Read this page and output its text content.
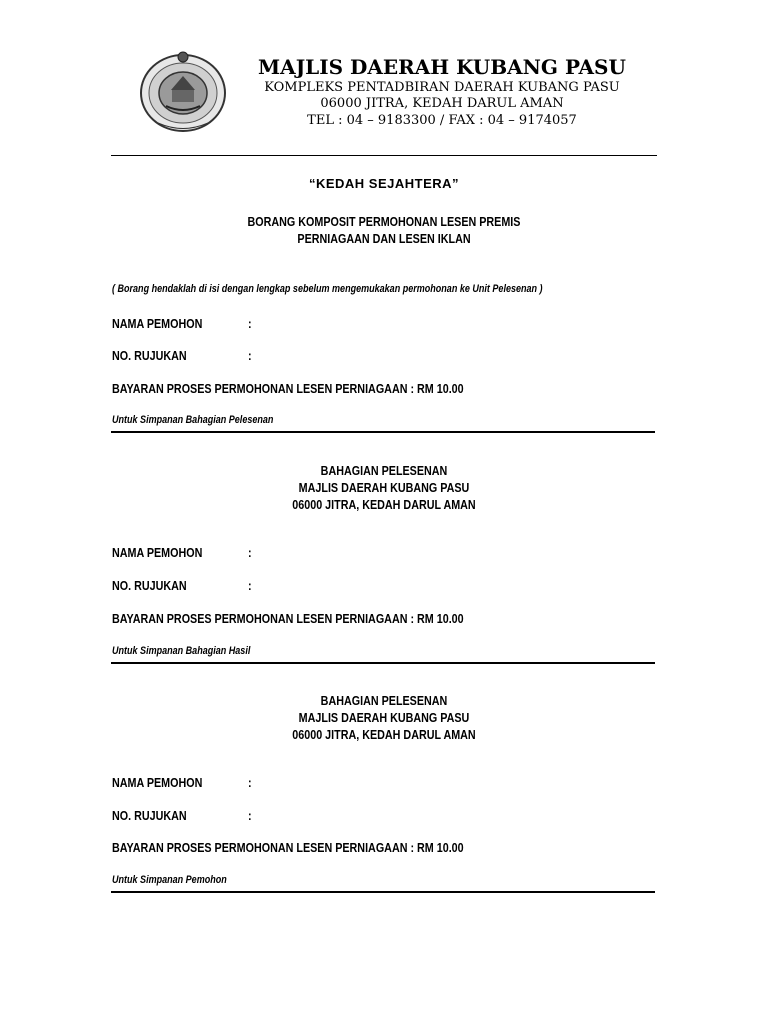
MAJLIS DAERAH KUBANG PASU
KOMPLEKS PENTADBIRAN DAERAH KUBANG PASU
06000 JITRA, KEDAH DARUL AMAN
TEL : 04 – 9183300 / FAX : 04 – 9174057
“KEDAH SEJAHTERA”
BORANG KOMPOSIT PERMOHONAN LESEN PREMIS
PERNIAGAAN DAN LESEN IKLAN
( Borang hendaklah di isi dengan lengkap sebelum mengemukakan permohonan ke Unit Pelesenan )
NAMA PEMOHON	:
NO. RUJUKAN	:
BAYARAN PROSES PERMOHONAN LESEN PERNIAGAAN : RM 10.00
Untuk Simpanan Bahagian Pelesenan
BAHAGIAN PELESENAN
MAJLIS DAERAH KUBANG PASU
06000 JITRA, KEDAH DARUL AMAN
NAMA PEMOHON	:
NO. RUJUKAN	:
BAYARAN PROSES PERMOHONAN LESEN PERNIAGAAN : RM 10.00
Untuk Simpanan Bahagian Hasil
BAHAGIAN PELESENAN
MAJLIS DAERAH KUBANG PASU
06000 JITRA, KEDAH DARUL AMAN
NAMA PEMOHON	:
NO. RUJUKAN	:
BAYARAN PROSES PERMOHONAN LESEN PERNIAGAAN : RM 10.00
Untuk Simpanan Pemohon
